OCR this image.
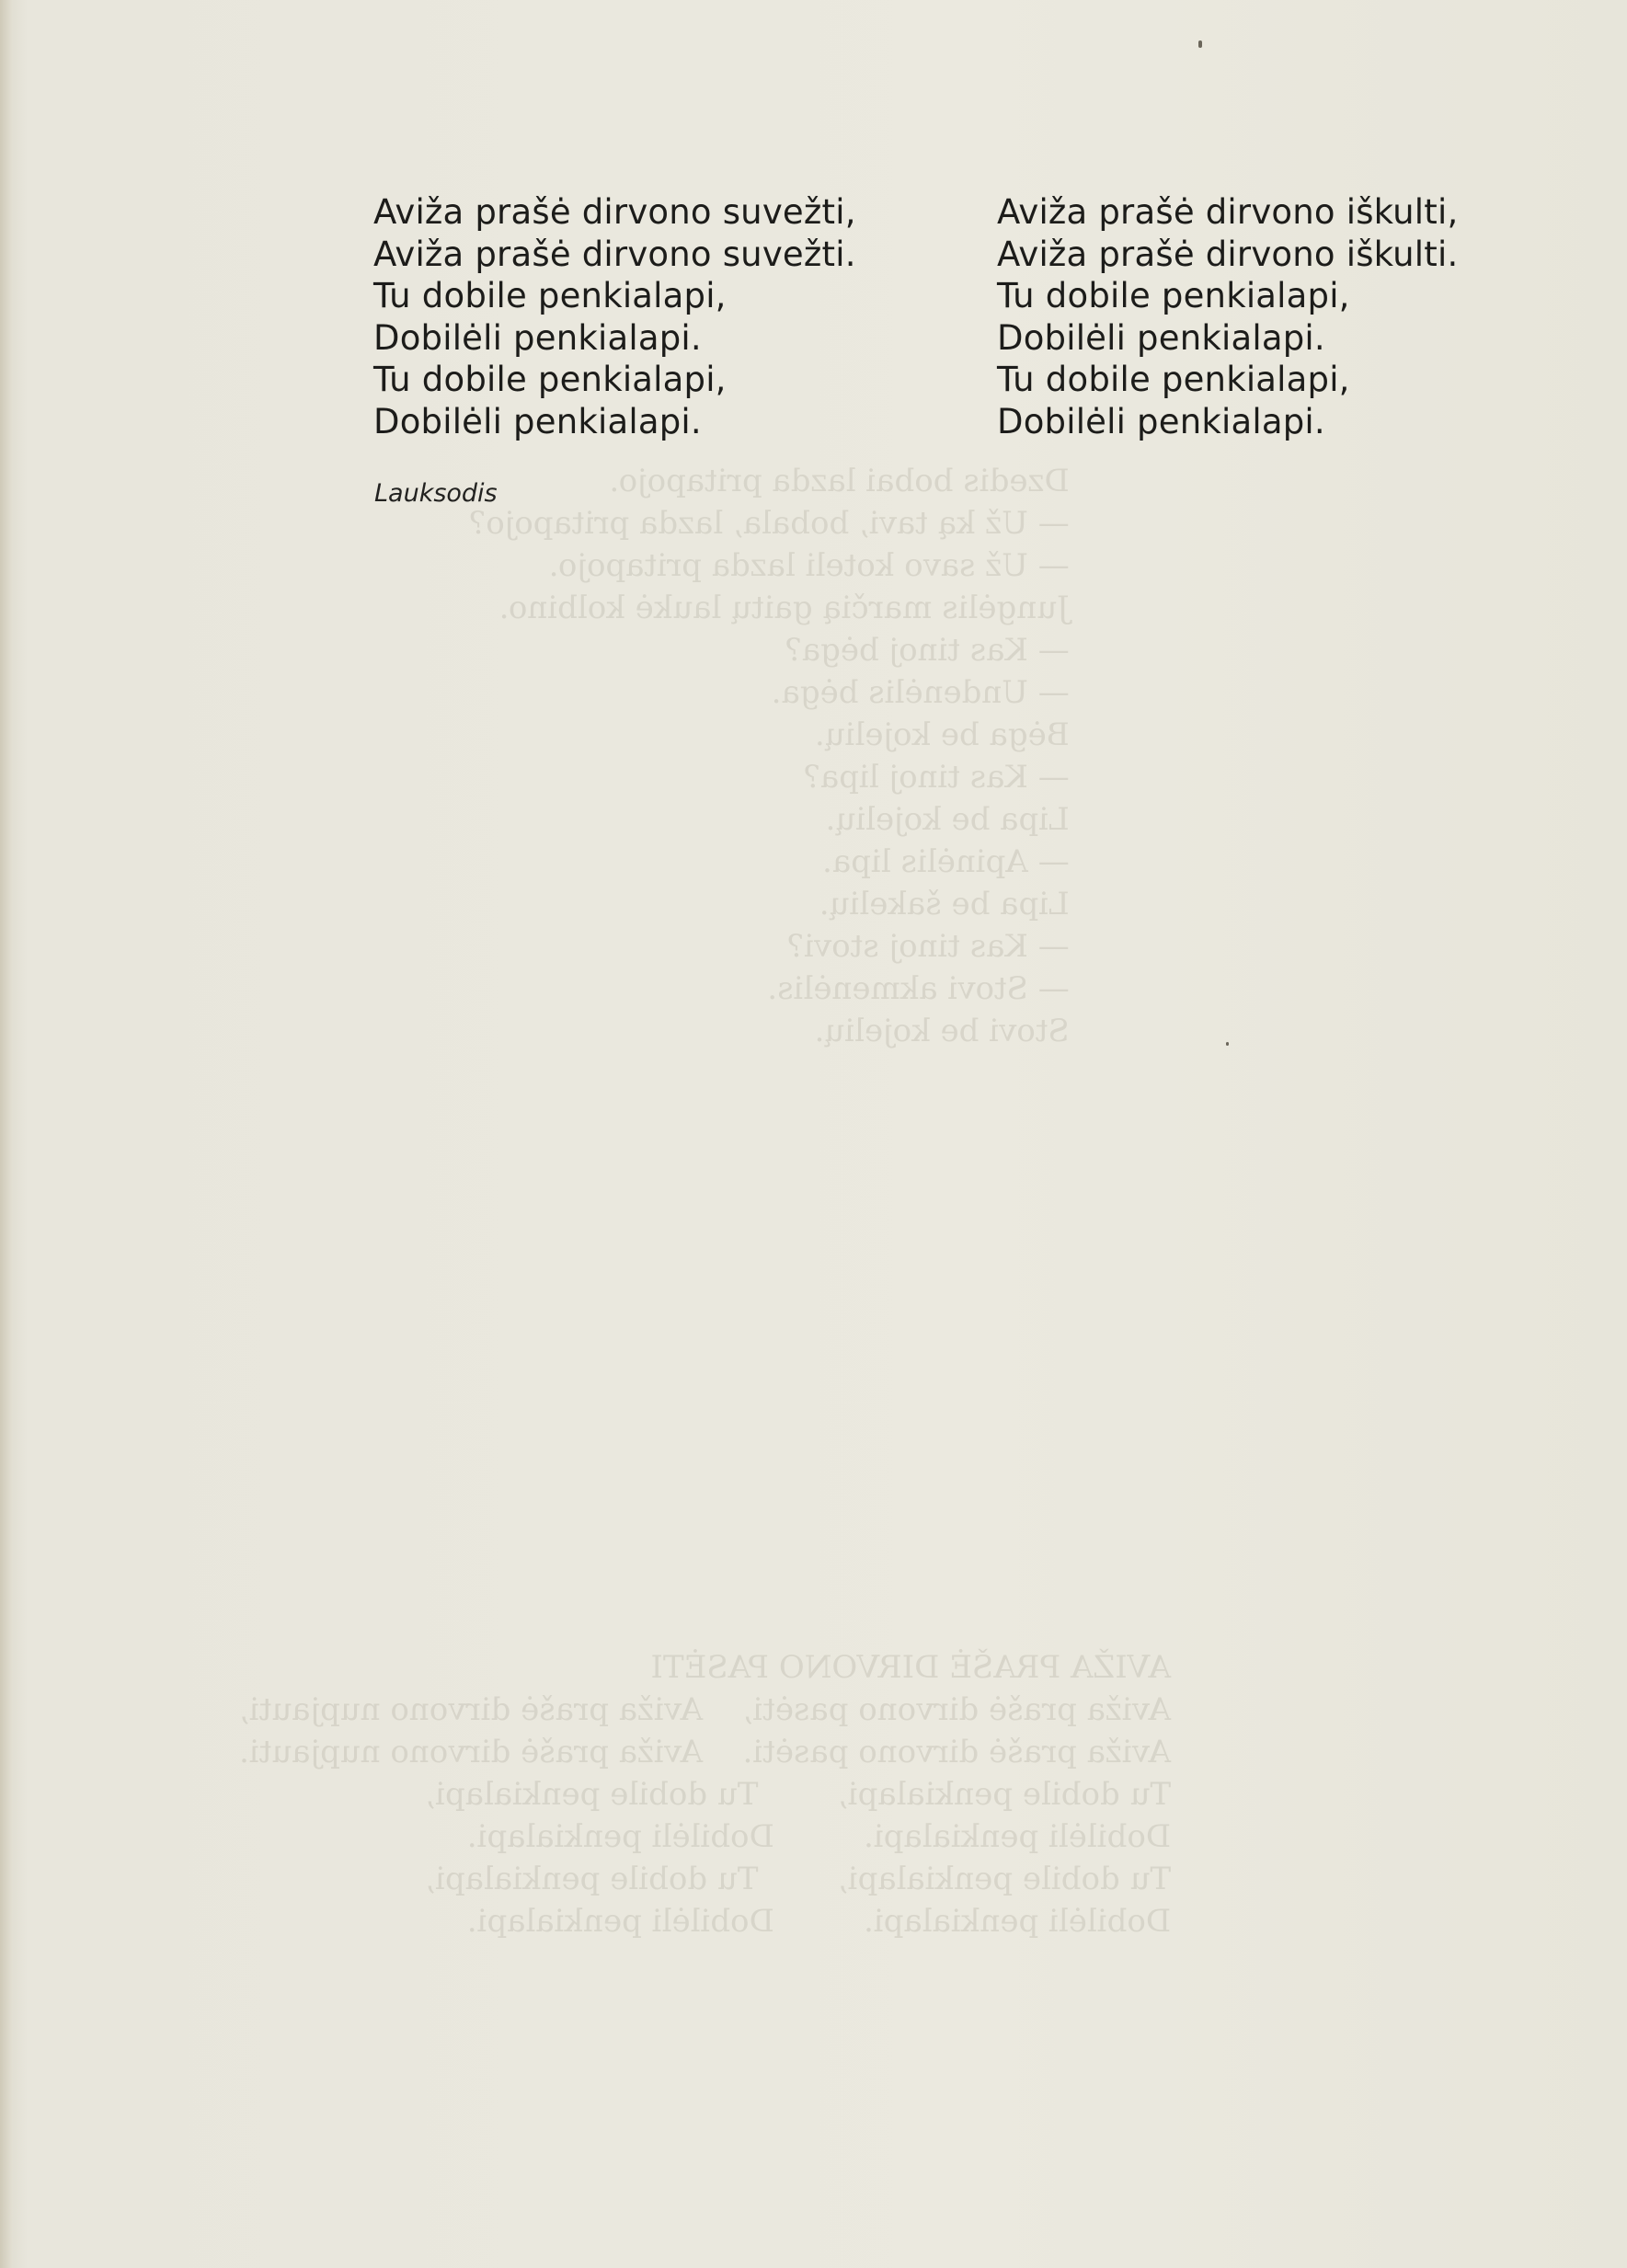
Dzedis bobai lazda pritapojo.
— Už ką tavi, bobala, lazda pritapojo?
— Už savo koteli lazda pritapojo.
Jungėlis marčią gaitų laukė kolbino.
— Kas tinoj bėga?
— Undenėlis bėga.
Bėga be kojelių.
— Kas tinoj lipa?
Lipa be kojelių.
— Apinėlis lipa.
Lipa be šakelių.
— Kas tinoj stovi?
— Stovi akmenėlis.
Stovi be kojelių.
AVIŽA PRAŠĖ DIRVONO PASĖTI
Aviža prašė dirvono pasėti,    Aviža prašė dirvono nupjauti,
Aviža prašė dirvono pasėti.    Aviža prašė dirvono nupjauti.
Tu dobile penkialapi,        Tu dobile penkialapi,
Dobilėli penkialapi.         Dobilėli penkialapi.
Tu dobile penkialapi,        Tu dobile penkialapi,
Dobilėli penkialapi.         Dobilėli penkialapi.
Aviža prašė dirvono suvežti,
Aviža prašė dirvono suvežti.
Tu dobile penkialapi,
Dobilėli penkialapi.
Tu dobile penkialapi,
Dobilėli penkialapi.
Aviža prašė dirvono iškulti,
Aviža prašė dirvono iškulti.
Tu dobile penkialapi,
Dobilėli penkialapi.
Tu dobile penkialapi,
Dobilėli penkialapi.
Lauksodis
